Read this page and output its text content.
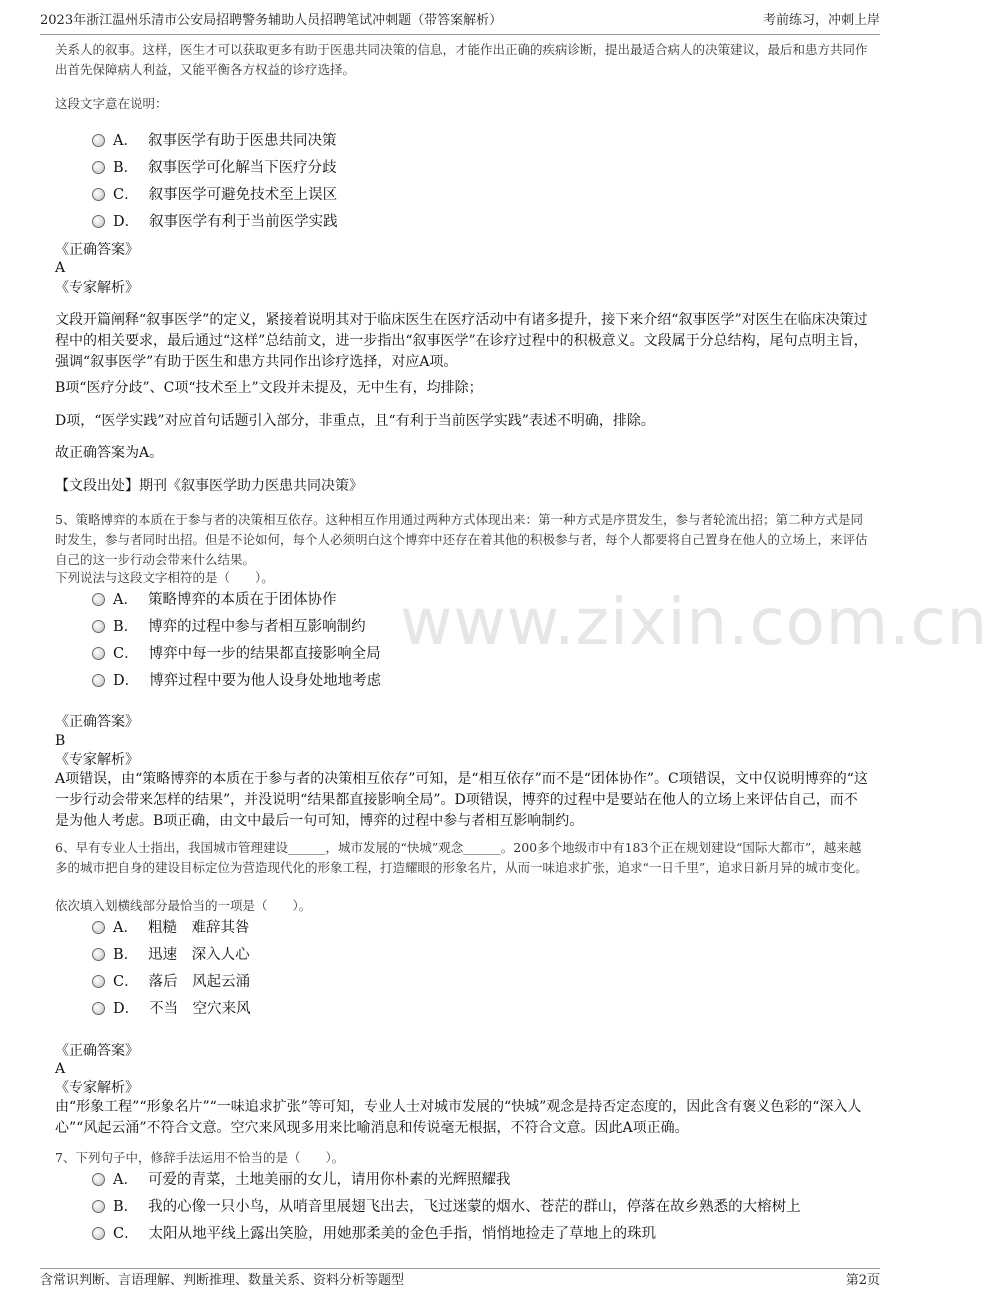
2023年浙江温州乐清市公安局招聘警务辅助人员招聘笔试冲刺题（带答案解析）	考前练习，冲刺上岸
www.zixin.com.cn

关系人的叙事。这样，医生才可以获取更多有助于医患共同决策的信息，才能作出正确的疾病诊断，提出最适合病人的决策建议，最后和患方共同作出首先保障病人利益，又能平衡各方权益的诊疗选择。

这段文字意在说明：

A． 叙事医学有助于医患共同决策
B． 叙事医学可化解当下医疗分歧
C． 叙事医学可避免技术至上误区
D． 叙事医学有利于当前医学实践

《正确答案》

A

《专家解析》

文段开篇阐释“叙事医学”的定义，紧接着说明其对于临床医生在医疗活动中有诸多提升，接下来介绍“叙事医学”对医生在临床决策过程中的相关要求，最后通过“这样”总结前文，进一步指出“叙事医学”在诊疗过程中的积极意义。文段属于分总结构，尾句点明主旨，强调“叙事医学”有助于医生和患方共同作出诊疗选择，对应A项。

B项“医疗分歧”、C项“技术至上”文段并未提及，无中生有，均排除；

D项，“医学实践”对应首句话题引入部分，非重点，且“有利于当前医学实践”表述不明确，排除。

故正确答案为A。

【文段出处】期刊《叙事医学助力医患共同决策》

5、策略博弈的本质在于参与者的决策相互依存。这种相互作用通过两种方式体现出来：第一种方式是序贯发生，参与者轮流出招；第二种方式是同时发生，参与者同时出招。但是不论如何，每个人必须明白这个博弈中还存在着其他的积极参与者，每个人都要将自己置身在他人的立场上，来评估自己的这一步行动会带来什么结果。

下列说法与这段文字相符的是（　　）。

A． 策略博弈的本质在于团体协作
B． 博弈的过程中参与者相互影响制约
C． 博弈中每一步的结果都直接影响全局
D． 博弈过程中要为他人设身处地地考虑

《正确答案》

B

《专家解析》

A项错误，由“策略博弈的本质在于参与者的决策相互依存”可知，是“相互依存”而不是“团体协作”。C项错误，文中仅说明博弈的“这一步行动会带来怎样的结果”，并没说明“结果都直接影响全局”。D项错误，博弈的过程中是要站在他人的立场上来评估自己，而不是为他人考虑。B项正确，由文中最后一句可知，博弈的过程中参与者相互影响制约。

6、早有专业人士指出，我国城市管理建设______，城市发展的“快城”观念______。200多个地级市中有183个正在规划建设“国际大都市”，越来越多的城市把自身的建设目标定位为营造现代化的形象工程，打造耀眼的形象名片，从而一味追求扩张，追求“一日千里”，追求日新月异的城市变化。

依次填入划横线部分最恰当的一项是（　　）。

A． 粗糙　难辞其咎
B． 迅速　深入人心
C． 落后　风起云涌
D． 不当　空穴来风

《正确答案》

A

《专家解析》

由“形象工程”“形象名片”“一味追求扩张”等可知，专业人士对城市发展的“快城”观念是持否定态度的，因此含有褒义色彩的“深入人心”“风起云涌”不符合文意。空穴来风现多用来比喻消息和传说毫无根据，不符合文意。因此A项正确。

7、下列句子中，修辞手法运用不恰当的是（　　）。

A． 可爱的青菜，土地美丽的女儿，请用你朴素的光辉照耀我
B． 我的心像一只小鸟，从哨音里展翅飞出去，飞过迷蒙的烟水、苍茫的群山，停落在故乡熟悉的大榕树上
C． 太阳从地平线上露出笑脸，用她那柔美的金色手指，悄悄地捡走了草地上的珠玑
含常识判断、言语理解、判断推理、数量关系、资料分析等题型	第2页
